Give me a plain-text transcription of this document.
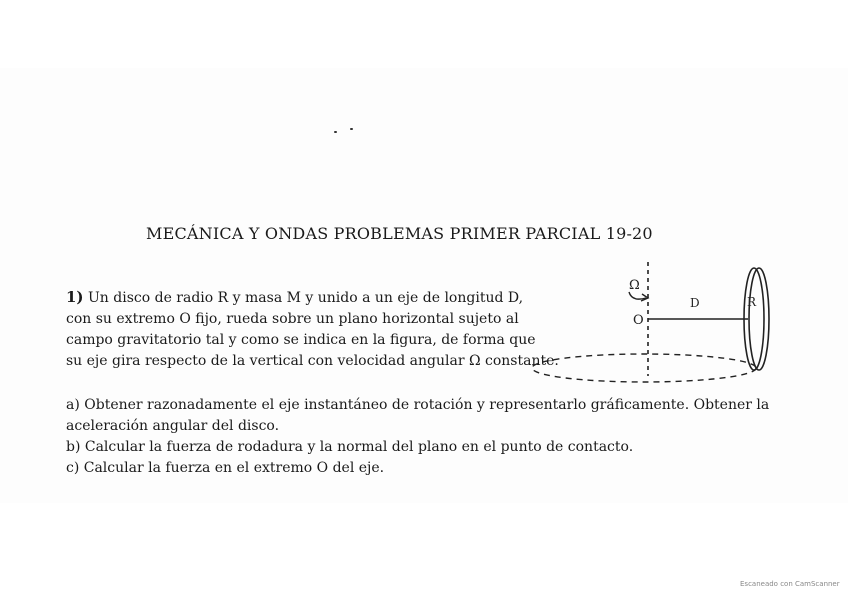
MECÁNICA Y ONDAS PROBLEMAS PRIMER PARCIAL 19-20
1) Un disco de radio R y masa M y unido a un eje de longitud D,
con su extremo O fijo, rueda sobre un plano horizontal sujeto al
campo gravitatorio tal y como se indica en la figura, de forma que
su eje gira respecto de la vertical con velocidad angular Ω constante.
Ω
O
D	R
a) Obtener razonadamente el eje instantáneo de rotación y representarlo gráficamente. Obtener la
aceleración angular del disco.
b) Calcular la fuerza de rodadura y la normal del plano en el punto de contacto.
c) Calcular la fuerza en el extremo O del eje.
Escaneado con CamScanner
